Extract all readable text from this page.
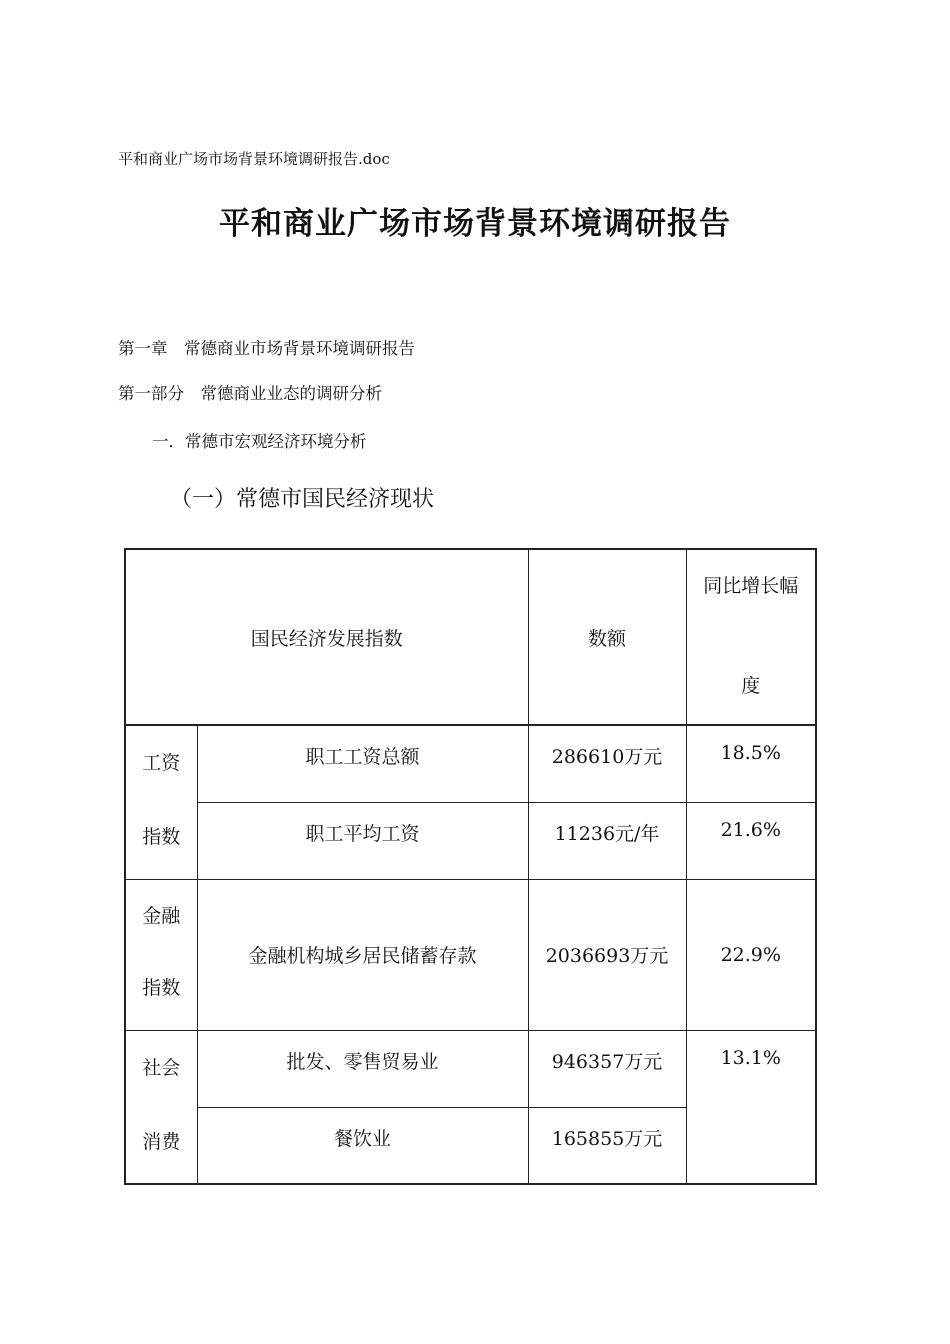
平和商业广场市场背景环境调研报告.doc
平和商业广场市场背景环境调研报告
第一章　常德商业市场背景环境调研报告
第一部分　常德商业业态的调研分析
一．常德市宏观经济环境分析
（一）常德市国民经济现状
国民经济发展指数		数额	同比增长幅
度

工资
指数	职工工资总额	286610万元	18.5%
	职工平均工资	11236元/年	21.6%

金融
指数	金融机构城乡居民储蓄存款	2036693万元	22.9%

社会
消费	批发、零售贸易业	946357万元	13.1%
	餐饮业	165855万元	
